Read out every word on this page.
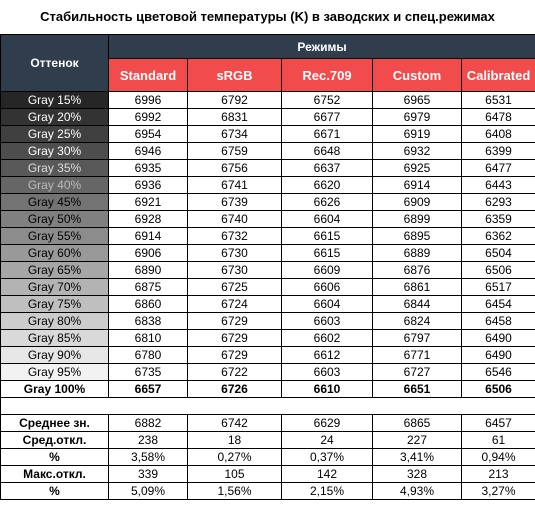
Стабильность цветовой температуры (K) в заводских и спец.режимах
Оттенок	Режимы				
	Standard	sRGB	Rec.709	Custom	Calibrated
Gray 15%	6996	6792	6752	6965	6531
Gray 20%	6992	6831	6677	6979	6478
Gray 25%	6954	6734	6671	6919	6408
Gray 30%	6946	6759	6648	6932	6399
Gray 35%	6935	6756	6637	6925	6477
Gray 40%	6936	6741	6620	6914	6443
Gray 45%	6921	6739	6626	6909	6293
Gray 50%	6928	6740	6604	6899	6359
Gray 55%	6914	6732	6615	6895	6362
Gray 60%	6906	6730	6615	6889	6504
Gray 65%	6890	6730	6609	6876	6506
Gray 70%	6875	6725	6606	6861	6517
Gray 75%	6860	6724	6604	6844	6454
Gray 80%	6838	6729	6603	6824	6458
Gray 85%	6810	6729	6602	6797	6490
Gray 90%	6780	6729	6612	6771	6490
Gray 95%	6735	6722	6603	6727	6546
Gray 100%	6657	6726	6610	6651	6506

Среднее зн.	6882	6742	6629	6865	6457
Сред.откл.	238	18	24	227	61
%	3,58%	0,27%	0,37%	3,41%	0,94%
Макс.откл.	339	105	142	328	213
%	5,09%	1,56%	2,15%	4,93%	3,27%
